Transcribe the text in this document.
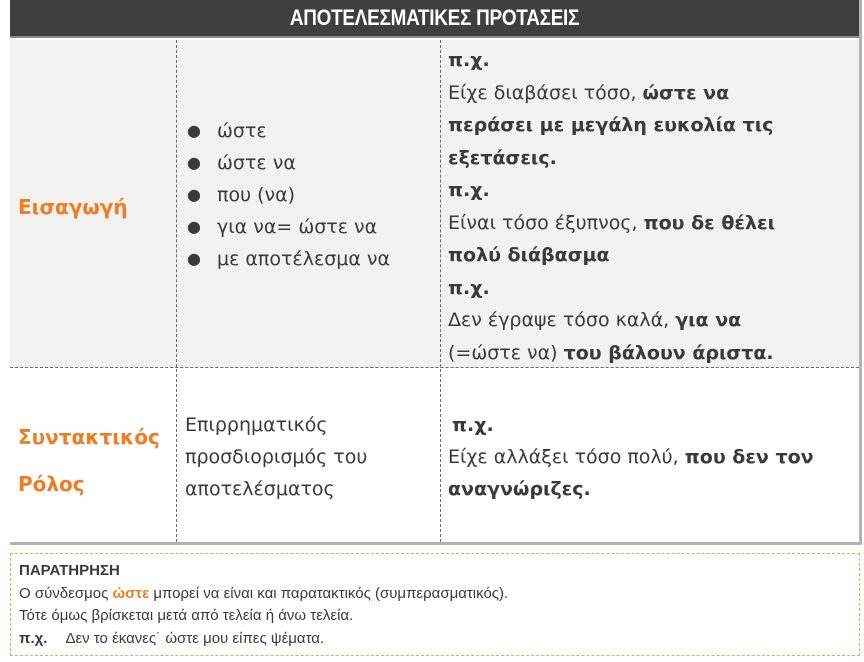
ΑΠΟΤΕΛΕΣΜΑΤΙΚΕΣ ΠΡΟΤΑΣΕΙΣ
Εισαγωγή
● ώστε
● ώστε να
● που (να)
● για να= ώστε να
● με αποτέλεσμα να
π.χ.
Είχε διαβάσει τόσο, ώστε να
περάσει με μεγάλη ευκολία τις
εξετάσεις.
π.χ.
Είναι τόσο έξυπνος, που δε θέλει
πολύ διάβασμα
π.χ.
Δεν έγραψε τόσο καλά, για να
(=ώστε να) του βάλουν άριστα.
Συντακτικός
Ρόλος
Επιρρηματικός
προσδιορισμός του
αποτελέσματος
π.χ.
Είχε αλλάξει τόσο πολύ, που δεν τον
αναγνώριζες.
ΠΑΡΑΤΗΡΗΣΗ
Ο σύνδεσμος ώστε μπορεί να είναι και παρατακτικός (συμπερασματικός).
Τότε όμως βρίσκεται μετά από τελεία ή άνω τελεία.
π.χ. Δεν το έκανες˙ ώστε μου είπες ψέματα.
